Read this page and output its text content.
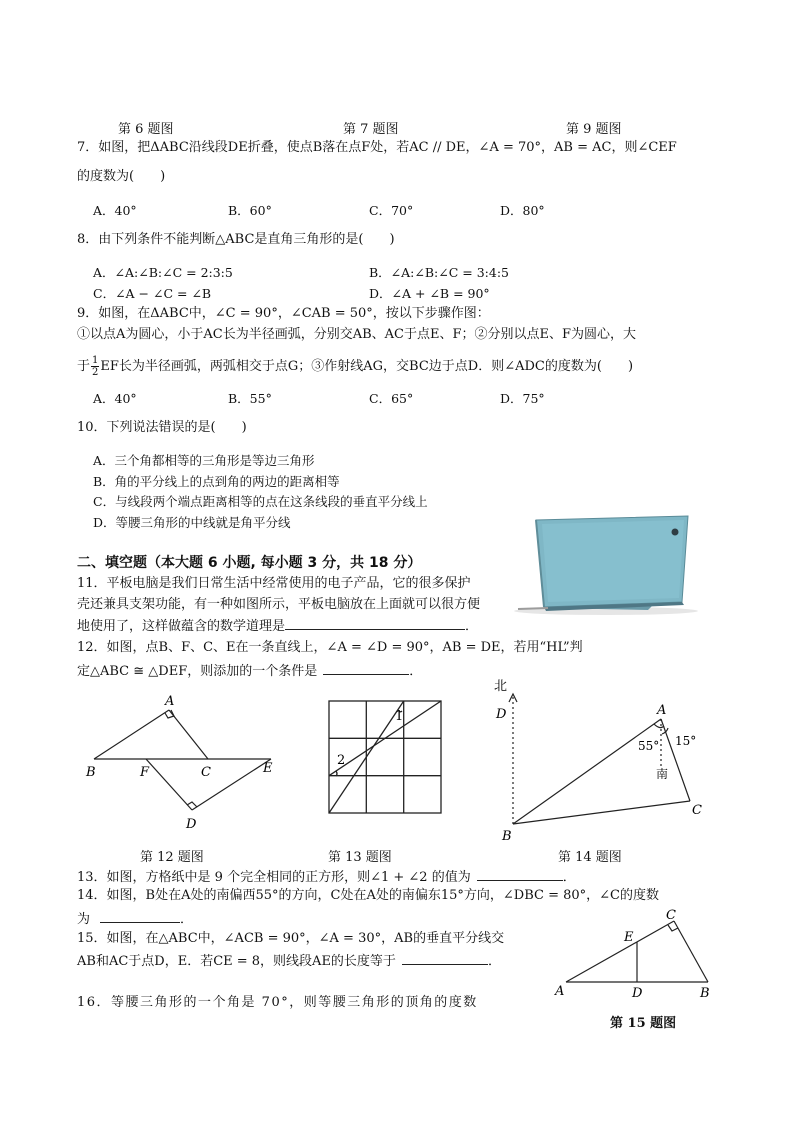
第 6 题图	第 7 题图	第 9 题图
7．如图，把ΔABC沿线段DE折叠，使点B落在点F处，若AC // DE，∠A = 70°，AB = AC，则∠CEF
的度数为(　　)
A．40°	B．60°	C．70°	D．80°
8．由下列条件不能判断△ABC是直角三角形的是(　　)
A．∠A:∠B:∠C = 2:3:5	B．∠A:∠B:∠C = 3:4:5
C．∠A − ∠C = ∠B	D．∠A + ∠B = 90°
9．如图，在ΔABC中，∠C = 90°，∠CAB = 50°，按以下步骤作图：
①以点A为圆心，小于AC长为半径画弧，分别交AB、AC于点E、F；②分别以点E、F为圆心，大
于 $\frac{1}{2}$ EF长为半径画弧，两弧相交于点G；③作射线AG，交BC边于点D．则∠ADC的度数为(　　)
A．40°	B．55°	C．65°	D．75°
10．下列说法错误的是(　　)
A．三个角都相等的三角形是等边三角形
B．角的平分线上的点到角的两边的距离相等
C．与线段两个端点距离相等的点在这条线段的垂直平分线上
D．等腰三角形的中线就是角平分线
二、填空题（本大题 6 小题, 每小题 3 分，共 18 分）
11．平板电脑是我们日常生活中经常使用的电子产品，它的很多保护
壳还兼具支架功能，有一种如图所示，平板电脑放在上面就可以很方便
地使用了，这样做蕴含的数学道理是	．
12．如图，点B、F、C、E在一条直线上，∠A = ∠D = 90°，AB = DE，若用“HL”判
定△ABC ≅ △DEF，则添加的一个条件是	．
A
B	F	C	E
D
第 12 题图
2
1
第 13 题图
北
D	A
55° 15°
南
B
C
第 14 题图
13．如图，方格纸中是 9 个完全相同的正方形，则∠1 + ∠2 的值为	．
14．如图，B处在A处的南偏西55°的方向，C处在A处的南偏东15°方向，∠DBC = 80°，∠C的度数
为	．
15．如图，在△ABC中，∠ACB = 90°，∠A = 30°，AB的垂直平分线交
AB和AC于点D，E．若CE = 8，则线段AE的长度等于	．
C
E
A	D	B
第 15 题图
16．等腰三角形的一个角是 70°，则等腰三角形的顶角的度数
